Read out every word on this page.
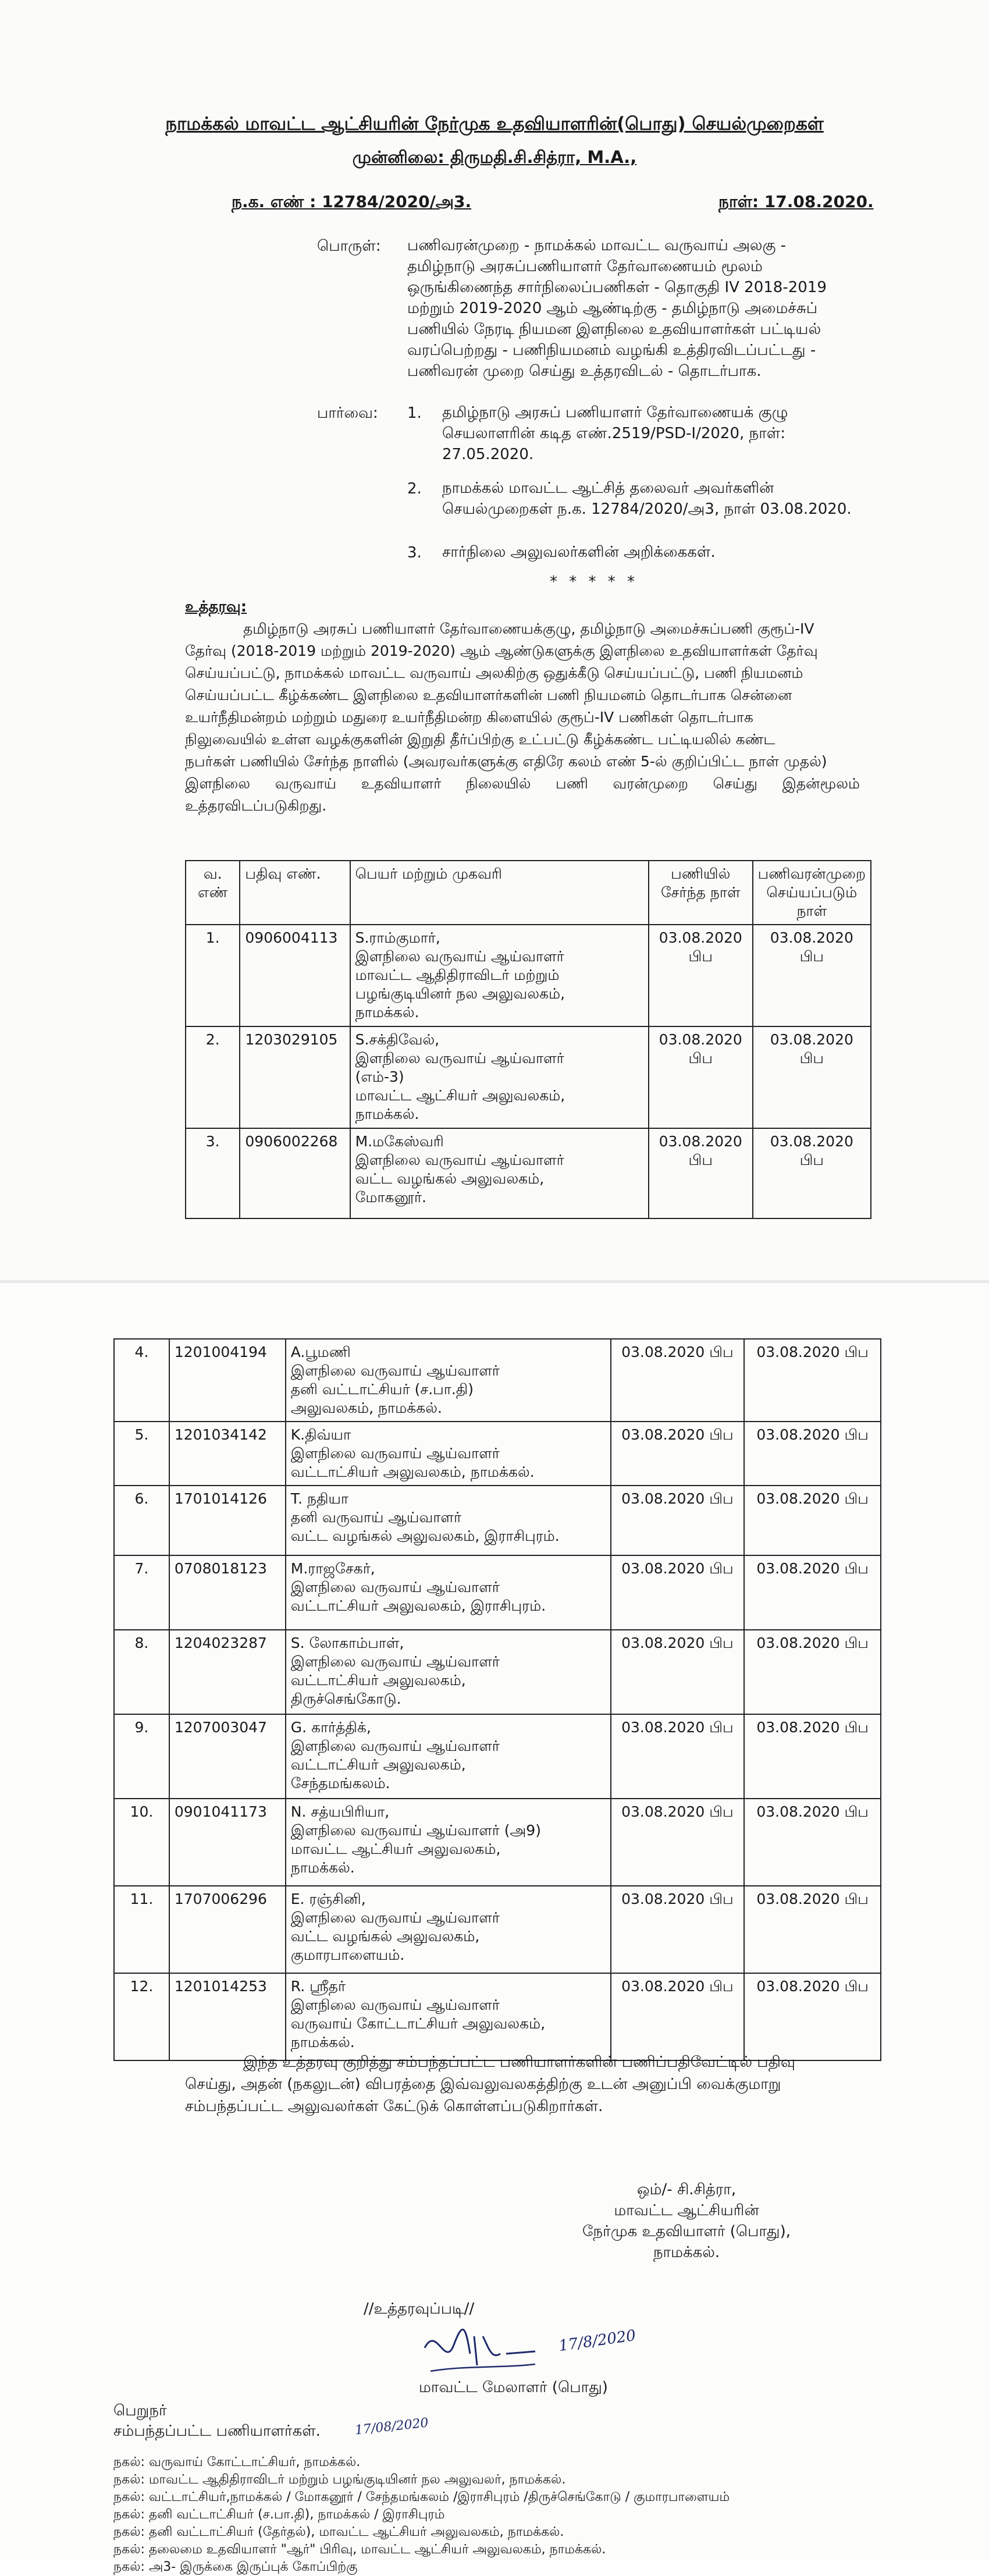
நாமக்கல் மாவட்ட ஆட்சியரின் நேர்முக உதவியாளரின்(பொது) செயல்முறைகள்
முன்னிலை: திருமதி.சி.சித்ரா, M.A.,
ந.க. எண் : 12784/2020/அ3.	நாள்: 17.08.2020.
பொருள்: பணிவரன்முறை - நாமக்கல் மாவட்ட வருவாய் அலகு -
தமிழ்நாடு அரசுப்பணியாளர் தேர்வாணையம் மூலம்
ஒருங்கிணைந்த சார்நிலைப்பணிகள் - தொகுதி IV 2018-2019
மற்றும் 2019-2020 ஆம் ஆண்டிற்கு - தமிழ்நாடு அமைச்சுப்
பணியில் நேரடி நியமன இளநிலை உதவியாளர்கள் பட்டியல்
வரப்பெற்றது - பணிநியமனம் வழங்கி உத்திரவிடப்பட்டது -
பணிவரன் முறை செய்து உத்தரவிடல் - தொடர்பாக.
பார்வை: 1. தமிழ்நாடு அரசுப் பணியாளர் தேர்வாணையக் குழு
செயலாளரின் கடித எண்.2519/PSD-I/2020, நாள்:
27.05.2020.
2. நாமக்கல் மாவட்ட ஆட்சித் தலைவர் அவர்களின்
செயல்முறைகள் ந.க. 12784/2020/அ3, நாள் 03.08.2020.
3. சார்நிலை அலுவலர்களின் அறிக்கைகள்.
* * * * *
உத்தரவு:
தமிழ்நாடு அரசுப் பணியாளர் தேர்வாணையக்குழு, தமிழ்நாடு அமைச்சுப்பணி குரூப்-IV
தேர்வு (2018-2019 மற்றும் 2019-2020) ஆம் ஆண்டுகளுக்கு இளநிலை உதவியாளர்கள் தேர்வு
செய்யப்பட்டு, நாமக்கல் மாவட்ட வருவாய் அலகிற்கு ஒதுக்கீடு செய்யப்பட்டு, பணி நியமனம்
செய்யப்பட்ட கீழ்க்கண்ட இளநிலை உதவியாளர்களின் பணி நியமனம் தொடர்பாக சென்னை
உயர்நீதிமன்றம் மற்றும் மதுரை உயர்நீதிமன்ற கிளையில் குரூப்-IV பணிகள் தொடர்பாக
நிலுவையில் உள்ள வழக்குகளின் இறுதி தீர்ப்பிற்கு உட்பட்டு கீழ்க்கண்ட பட்டியலில் கண்ட
நபர்கள் பணியில் சேர்ந்த நாளில் (அவரவர்களுக்கு எதிரே கலம் எண் 5-ல் குறிப்பிட்ட நாள் முதல்)
இளநிலை வருவாய் உதவியாளர் நிலையில் பணி வரன்முறை செய்து இதன்மூலம் உத்தரவிடப்படுகிறது.
வ. எண்	பதிவு எண்.	பெயர் மற்றும் முகவரி	பணியில் சேர்ந்த நாள்	பணிவரன்முறை செய்யப்படும் நாள்
1.	0906004113	S.ராம்குமார்,
இளநிலை வருவாய் ஆய்வாளர்
மாவட்ட ஆதிதிராவிடர் மற்றும்
பழங்குடியினர் நல அலுவலகம்,
நாமக்கல்.	03.08.2020 பிப	03.08.2020 பிப
2.	1203029105	S.சக்திவேல்,
இளநிலை வருவாய் ஆய்வாளர்
(எம்-3)
மாவட்ட ஆட்சியர் அலுவலகம்,
நாமக்கல்.	03.08.2020 பிப	03.08.2020 பிப
3.	0906002268	M.மகேஸ்வரி
இளநிலை வருவாய் ஆய்வாளர்
வட்ட வழங்கல் அலுவலகம்,
மோகனூர்.	03.08.2020 பிப	03.08.2020 பிப
4.	1201004194	A.பூமணி
இளநிலை வருவாய் ஆய்வாளர்
தனி வட்டாட்சியர் (ச.பா.தி)
அலுவலகம், நாமக்கல்.	03.08.2020 பிப	03.08.2020 பிப
5.	1201034142	K.திவ்யா
இளநிலை வருவாய் ஆய்வாளர்
வட்டாட்சியர் அலுவலகம், நாமக்கல்.	03.08.2020 பிப	03.08.2020 பிப
6.	1701014126	T. நதியா
தனி வருவாய் ஆய்வாளர்
வட்ட வழங்கல் அலுவலகம், இராசிபுரம்.	03.08.2020 பிப	03.08.2020 பிப
7.	0708018123	M.ராஜசேகர்,
இளநிலை வருவாய் ஆய்வாளர்
வட்டாட்சியர் அலுவலகம், இராசிபுரம்.	03.08.2020 பிப	03.08.2020 பிப
8.	1204023287	S. லோகாம்பாள்,
இளநிலை வருவாய் ஆய்வாளர்
வட்டாட்சியர் அலுவலகம்,
திருச்செங்கோடு.	03.08.2020 பிப	03.08.2020 பிப
9.	1207003047	G. கார்த்திக்,
இளநிலை வருவாய் ஆய்வாளர்
வட்டாட்சியர் அலுவலகம்,
சேந்தமங்கலம்.	03.08.2020 பிப	03.08.2020 பிப
10.	0901041173	N. சத்யபிரியா,
இளநிலை வருவாய் ஆய்வாளர் (அ9)
மாவட்ட ஆட்சியர் அலுவலகம்,
நாமக்கல்.	03.08.2020 பிப	03.08.2020 பிப
11.	1707006296	E. ரஞ்சினி,
இளநிலை வருவாய் ஆய்வாளர்
வட்ட வழங்கல் அலுவலகம்,
குமாரபாளையம்.	03.08.2020 பிப	03.08.2020 பிப
12.	1201014253	R. ஸ்ரீதர்
இளநிலை வருவாய் ஆய்வாளர்
வருவாய் கோட்டாட்சியர் அலுவலகம்,
நாமக்கல்.	03.08.2020 பிப	03.08.2020 பிப
இந்த உத்தரவு குறித்து சம்பந்தப்பட்ட பணியாளர்களின் பணிப்பதிவேட்டில் பதிவு
செய்து, அதன் (நகலுடன்) விபரத்தை இவ்வலுவலகத்திற்கு உடன் அனுப்பி வைக்குமாறு
சம்பந்தப்பட்ட அலுவலர்கள் கேட்டுக் கொள்ளப்படுகிறார்கள்.
ஒம்/- சி.சித்ரா,
மாவட்ட ஆட்சியரின்
நேர்முக உதவியாளர் (பொது),
நாமக்கல்.
//உத்தரவுப்படி//
17/8/2020
மாவட்ட மேலாளர் (பொது)
பெறுநர்
சம்பந்தப்பட்ட பணியாளர்கள்.	17/08/2020
நகல்: வருவாய் கோட்டாட்சியர், நாமக்கல்.
நகல்: மாவட்ட ஆதிதிராவிடர் மற்றும் பழங்குடியினர் நல அலுவலர், நாமக்கல்.
நகல்: வட்டாட்சியர்,நாமக்கல் / மோகனூர் / சேந்தமங்கலம் /இராசிபுரம் /திருச்செங்கோடு / குமாரபாளையம்
நகல்: தனி வட்டாட்சியர் (ச.பா.தி), நாமக்கல் / இராசிபுரம்
நகல்: தனி வட்டாட்சியர் (தேர்தல்), மாவட்ட ஆட்சியர் அலுவலகம், நாமக்கல்.
நகல்: தலைமை உதவியாளர் "ஆர்" பிரிவு, மாவட்ட ஆட்சியர் அலுவலகம், நாமக்கல்.
நகல்: அ3- இருக்கை இருப்புக் கோப்பிற்கு
